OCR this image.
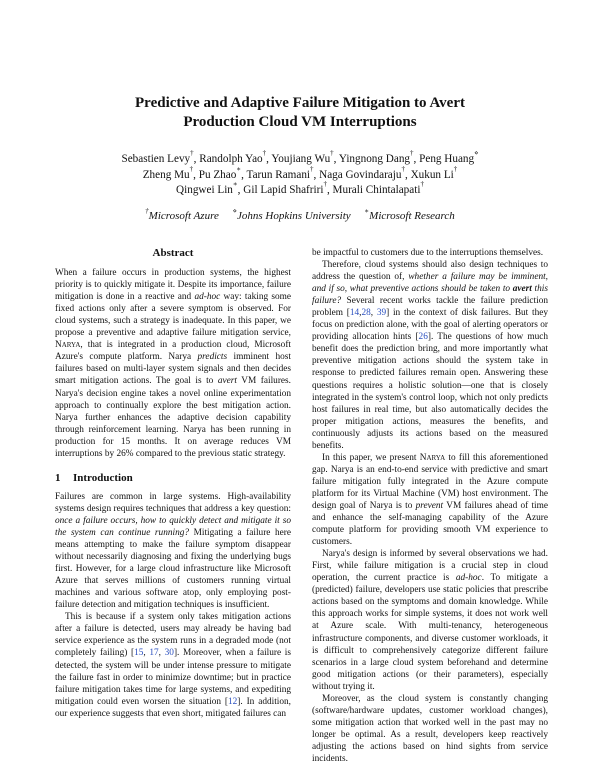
Predictive and Adaptive Failure Mitigation to Avert
Production Cloud VM Interruptions
Sebastien Levy†, Randolph Yao†, Youjiang Wu†, Yingnong Dang†, Peng Huang⋄
Zheng Mu†, Pu Zhao∗, Tarun Ramani†, Naga Govindaraju†, Xukun Li†
Qingwei Lin∗, Gil Lapid Shafriri†, Murali Chintalapati†
†Microsoft Azure ⋄Johns Hopkins University ∗Microsoft Research
Abstract

When a failure occurs in production systems, the highest priority is to quickly mitigate it. Despite its importance, failure mitigation is done in a reactive and ad-hoc way: taking some fixed actions only after a severe symptom is observed. For cloud systems, such a strategy is inadequate. In this paper, we propose a preventive and adaptive failure mitigation service, Narya, that is integrated in a production cloud, Microsoft Azure's compute platform. Narya predicts imminent host failures based on multi-layer system signals and then decides smart mitigation actions. The goal is to avert VM failures. Narya's decision engine takes a novel online experimentation approach to continually explore the best mitigation action. Narya further enhances the adaptive decision capability through reinforcement learning. Narya has been running in production for 15 months. It on average reduces VM interruptions by 26% compared to the previous static strategy.

1 Introduction

Failures are common in large systems. High-availability systems design requires techniques that address a key question: once a failure occurs, how to quickly detect and mitigate it so the system can continue running? Mitigating a failure here means attempting to make the failure symptom disappear without necessarily diagnosing and fixing the underlying bugs first. However, for a large cloud infrastructure like Microsoft Azure that serves millions of customers running virtual machines and various software atop, only employing post-failure detection and mitigation techniques is insufficient.

This is because if a system only takes mitigation actions after a failure is detected, users may already be having bad service experience as the system runs in a degraded mode (not completely failing) [15, 17, 30]. Moreover, when a failure is detected, the system will be under intense pressure to mitigate the failure fast in order to minimize downtime; but in practice failure mitigation takes time for large systems, and expediting mitigation could even worsen the situation [12]. In addition, our experience suggests that even short, mitigated failures can

be impactful to customers due to the interruptions themselves.

Therefore, cloud systems should also design techniques to address the question of, whether a failure may be imminent, and if so, what preventive actions should be taken to avert this failure? Several recent works tackle the failure prediction problem [14,28, 39] in the context of disk failures. But they focus on prediction alone, with the goal of alerting operators or providing allocation hints [26]. The questions of how much benefit does the prediction bring, and more importantly what preventive mitigation actions should the system take in response to predicted failures remain open. Answering these questions requires a holistic solution—one that is closely integrated in the system's control loop, which not only predicts host failures in real time, but also automatically decides the proper mitigation actions, measures the benefits, and continuously adjusts its actions based on the measured benefits.

In this paper, we present Narya to fill this aforementioned gap. Narya is an end-to-end service with predictive and smart failure mitigation fully integrated in the Azure compute platform for its Virtual Machine (VM) host environment. The design goal of Narya is to prevent VM failures ahead of time and enhance the self-managing capability of the Azure compute platform for providing smooth VM experience to customers.

Narya's design is informed by several observations we had. First, while failure mitigation is a crucial step in cloud operation, the current practice is ad-hoc. To mitigate a (predicted) failure, developers use static policies that prescribe actions based on the symptoms and domain knowledge. While this approach works for simple systems, it does not work well at Azure scale. With multi-tenancy, heterogeneous infrastructure components, and diverse customer workloads, it is difficult to comprehensively categorize different failure scenarios in a large cloud system beforehand and determine good mitigation actions (or their parameters), especially without trying it.

Moreover, as the cloud system is constantly changing (software/hardware updates, customer workload changes), some mitigation action that worked well in the past may no longer be optimal. As a result, developers keep reactively adjusting the actions based on hind sights from service incidents.
